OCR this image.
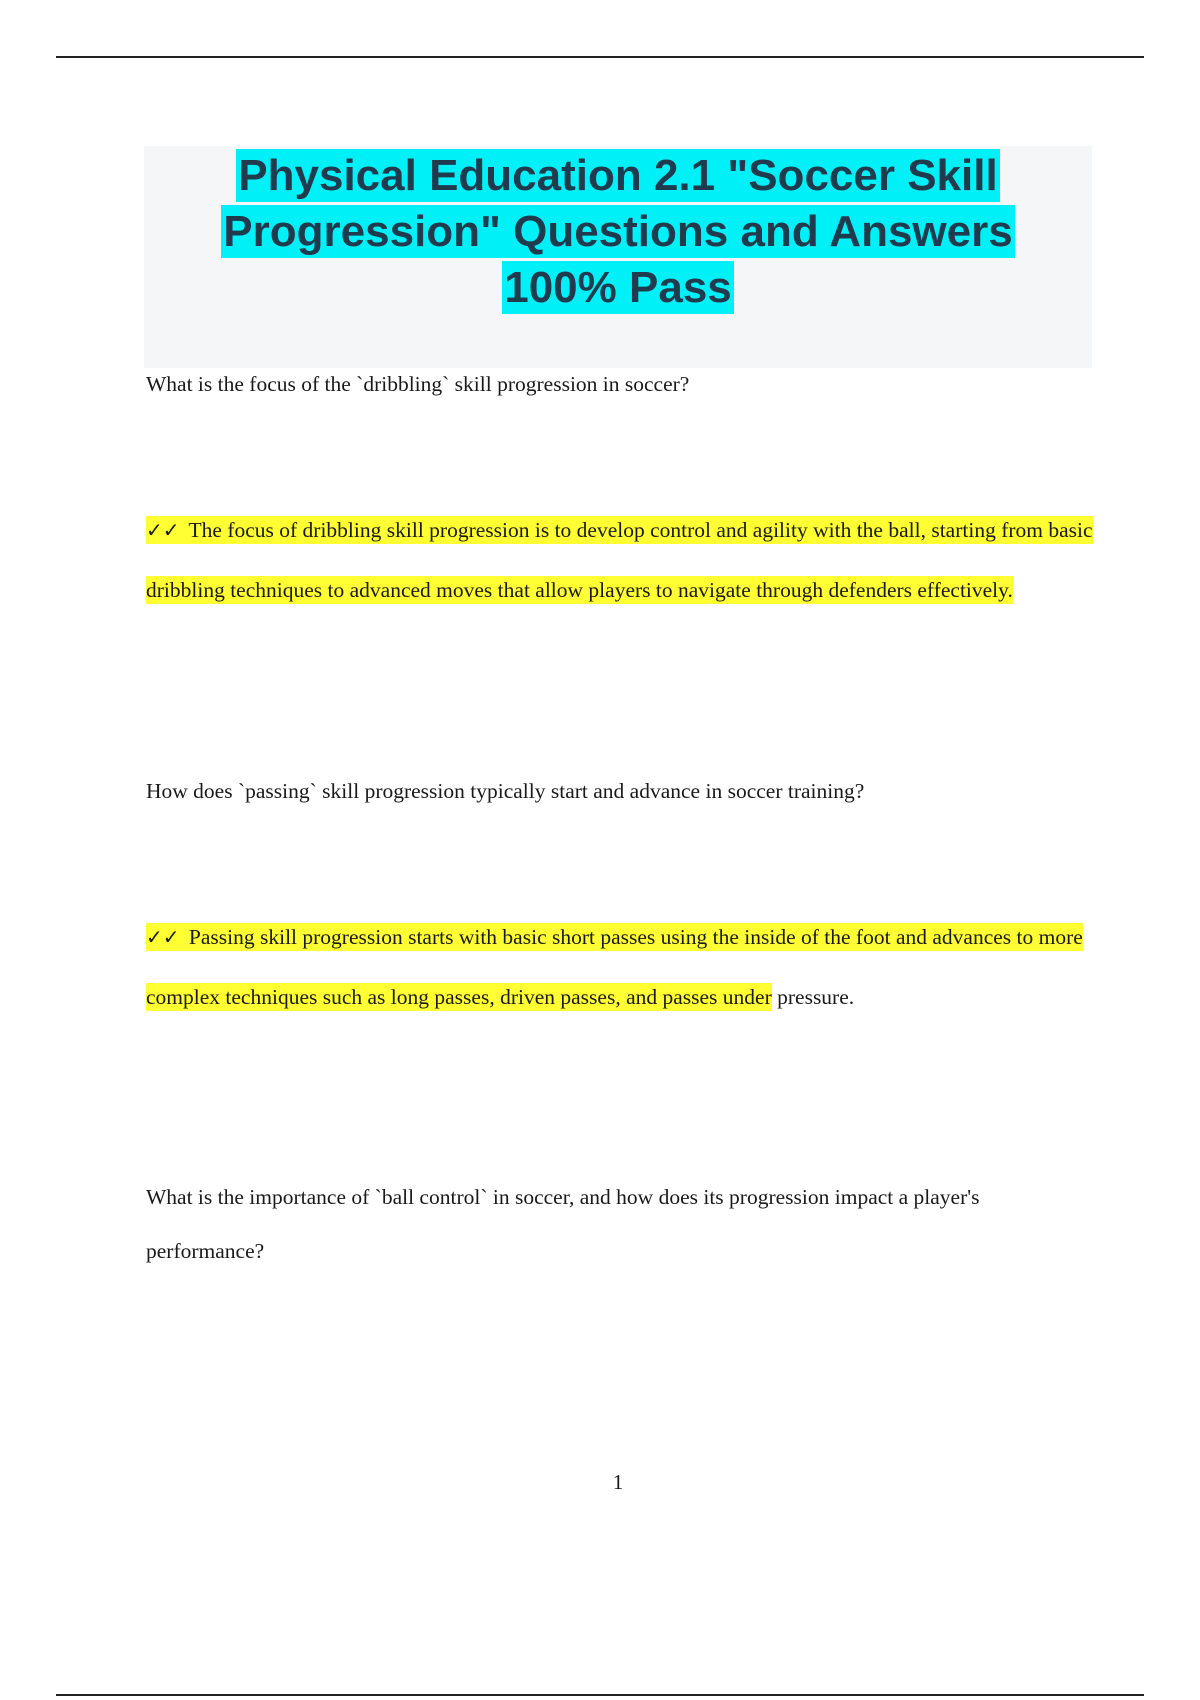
Physical Education 2.1 "Soccer Skill Progression" Questions and Answers 100% Pass
What is the focus of the `dribbling` skill progression in soccer?
✓✓ The focus of dribbling skill progression is to develop control and agility with the ball, starting from basic dribbling techniques to advanced moves that allow players to navigate through defenders effectively.
How does `passing` skill progression typically start and advance in soccer training?
✓✓ Passing skill progression starts with basic short passes using the inside of the foot and advances to more complex techniques such as long passes, driven passes, and passes under pressure.
What is the importance of `ball control` in soccer, and how does its progression impact a player's performance?
1
